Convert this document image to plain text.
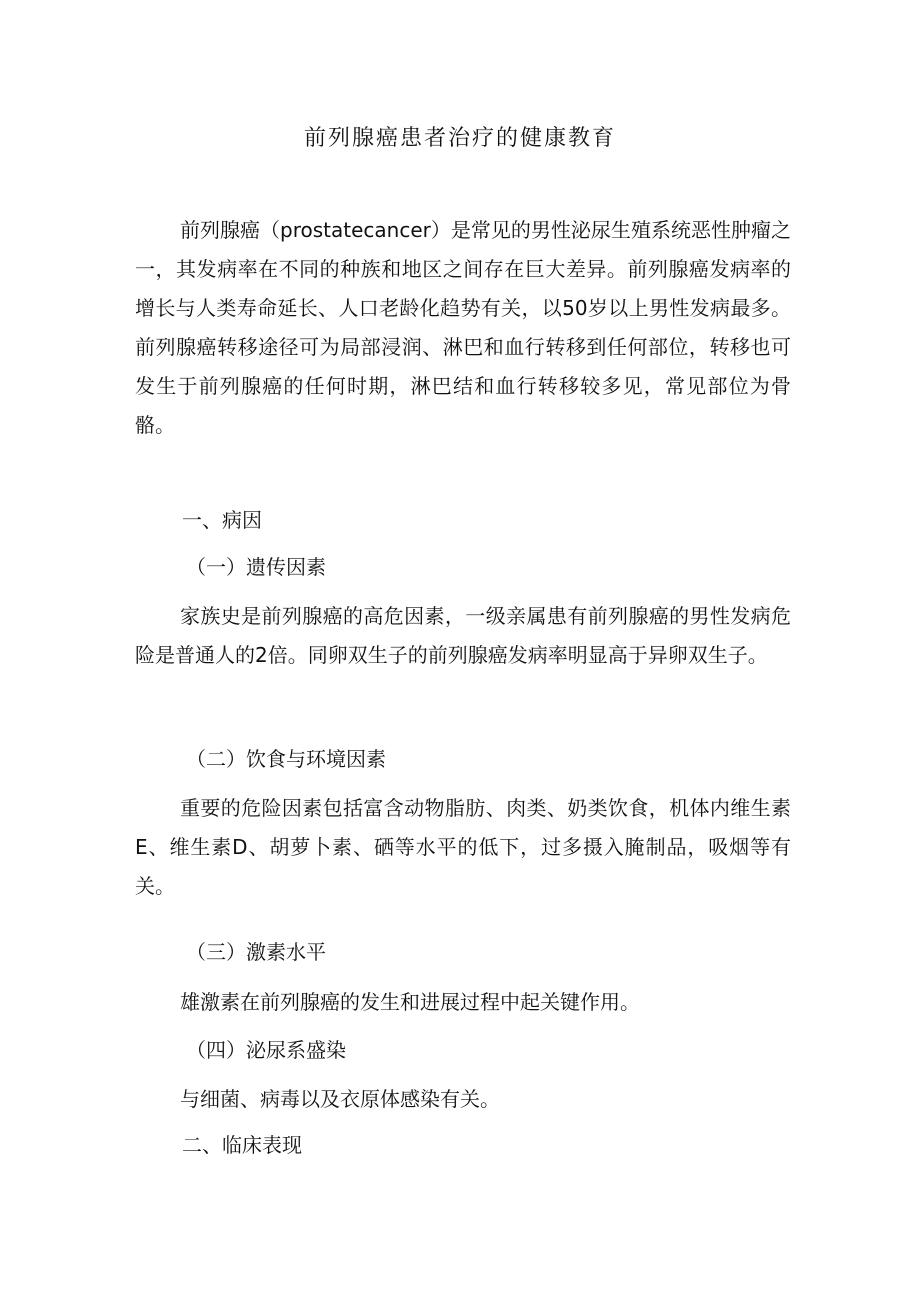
前列腺癌患者治疗的健康教育

前列腺癌（prostatecancer）是常见的男性泌尿生殖系统恶性肿瘤之一，其发病率在不同的种族和地区之间存在巨大差异。前列腺癌发病率的增长与人类寿命延长、人口老龄化趋势有关，以50岁以上男性发病最多。前列腺癌转移途径可为局部浸润、淋巴和血行转移到任何部位，转移也可发生于前列腺癌的任何时期，淋巴结和血行转移较多见，常见部位为骨骼。

一、病因

（一）遗传因素

家族史是前列腺癌的高危因素，一级亲属患有前列腺癌的男性发病危险是普通人的2倍。同卵双生子的前列腺癌发病率明显高于异卵双生子。

（二）饮食与环境因素

重要的危险因素包括富含动物脂肪、肉类、奶类饮食，机体内维生素E、维生素D、胡萝卜素、硒等水平的低下，过多摄入腌制品，吸烟等有关。

（三）激素水平

雄激素在前列腺癌的发生和进展过程中起关键作用。

（四）泌尿系盛染

与细菌、病毒以及衣原体感染有关。

二、临床表现
